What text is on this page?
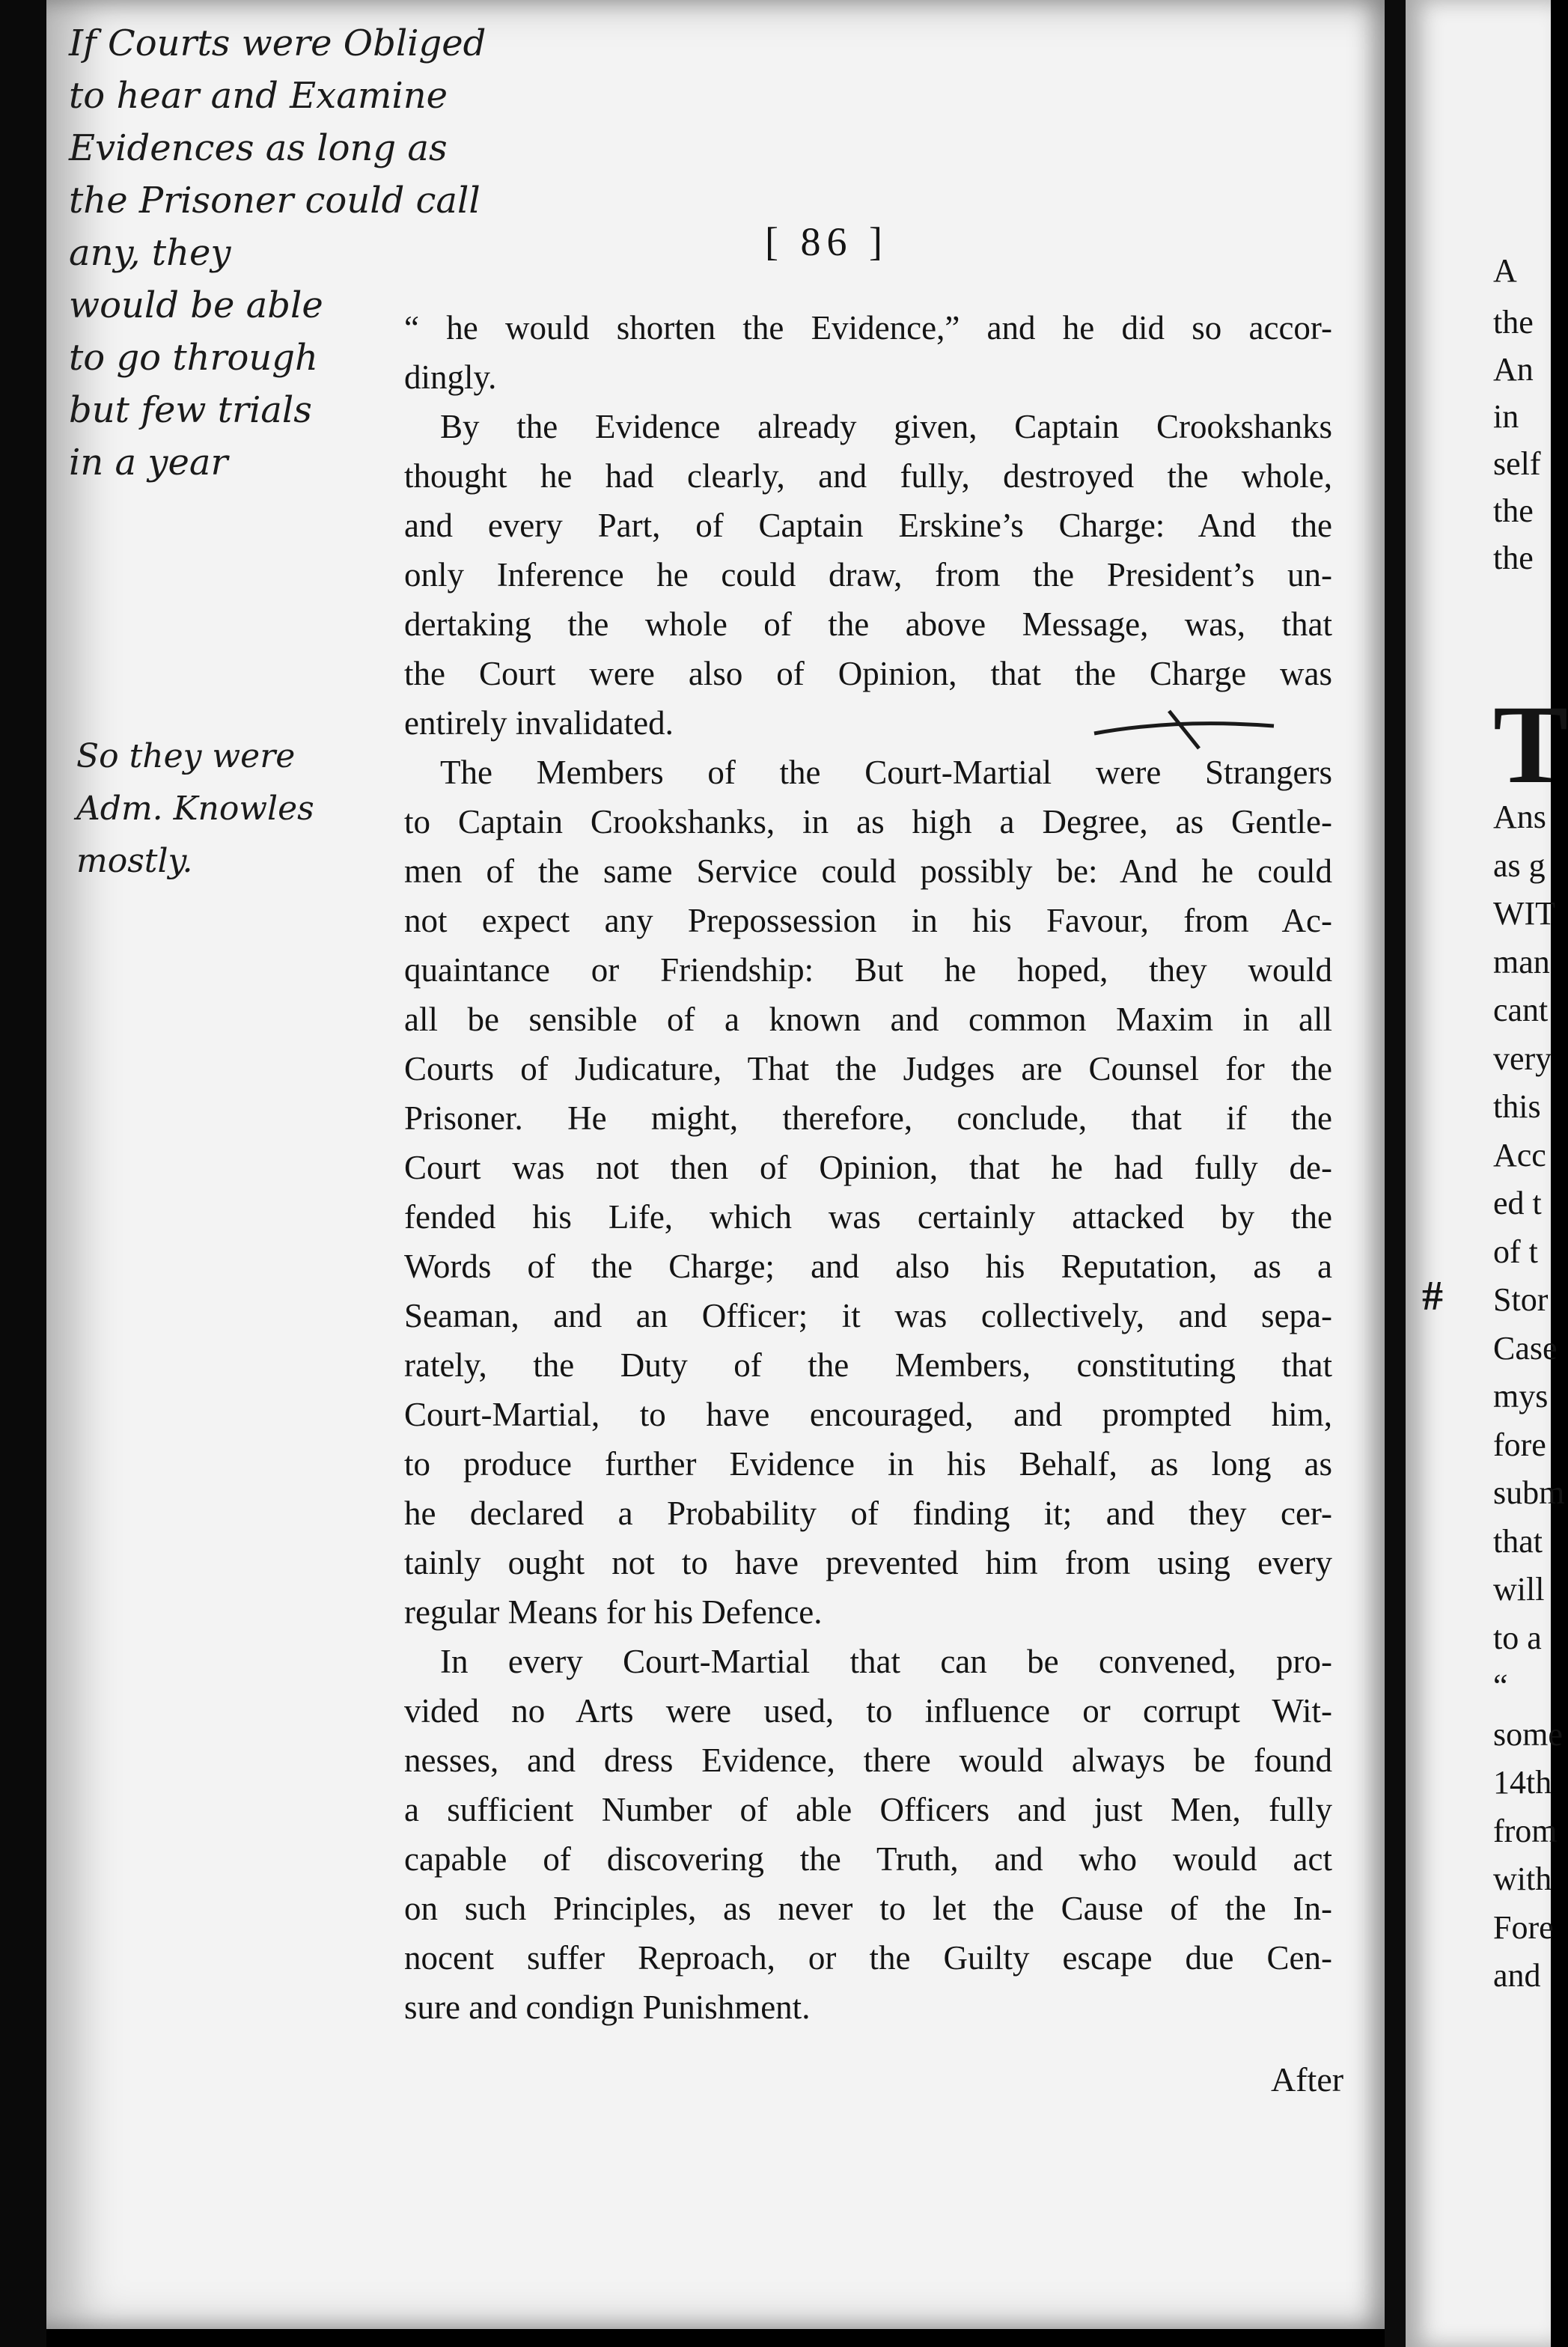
[ 86 ]
If Courts were Obliged
to hear and Examine
Evidences as long as
the Prisoner could call
any, they
would be able
to go through
but few trials
in a year
So they were
Adm. Knowles
mostly.

“ he would shorten the Evidence,” and he did so accor-
dingly.

By the Evidence already given, Captain Crookshanks
thought he had clearly, and fully, destroyed the whole,
and every Part, of Captain Erskine’s Charge: And the
only Inference he could draw, from the President’s un-
dertaking the whole of the above Message, was, that
the Court were also of Opinion, that the Charge was
entirely invalidated.

The Members of the Court-Martial were Strangers
to Captain Crookshanks, in as high a Degree, as Gentle-
men of the same Service could possibly be: And he could
not expect any Prepossession in his Favour, from Ac-
quaintance or Friendship: But he hoped, they would
all be sensible of a known and common Maxim in all
Courts of Judicature, That the Judges are Counsel for the
Prisoner. He might, therefore, conclude, that if the
Court was not then of Opinion, that he had fully de-
fended his Life, which was certainly attacked by the
Words of the Charge; and also his Reputation, as a
Seaman, and an Officer; it was collectively, and sepa-
rately, the Duty of the Members, constituting that
Court-Martial, to have encouraged, and prompted him,
to produce further Evidence in his Behalf, as long as
he declared a Probability of finding it; and they cer-
tainly ought not to have prevented him from using every
regular Means for his Defence.

In every Court-Martial that can be convened, pro-
vided no Arts were used, to influence or corrupt Wit-
nesses, and dress Evidence, there would always be found
a sufficient Number of able Officers and just Men, fully
capable of discovering the Truth, and who would act
on such Principles, as never to let the Cause of the In-
nocent suffer Reproach, or the Guilty escape due Cen-
sure and condign Punishment.

After
A
the
An
in
self
the
the
T
Ans
as g
WIT
man
cant
very
this
Acc
ed t
of t
Stor
Case
mys
fore
subm
that
will
to a
“
some
14th
from
with
Fore
and
#
